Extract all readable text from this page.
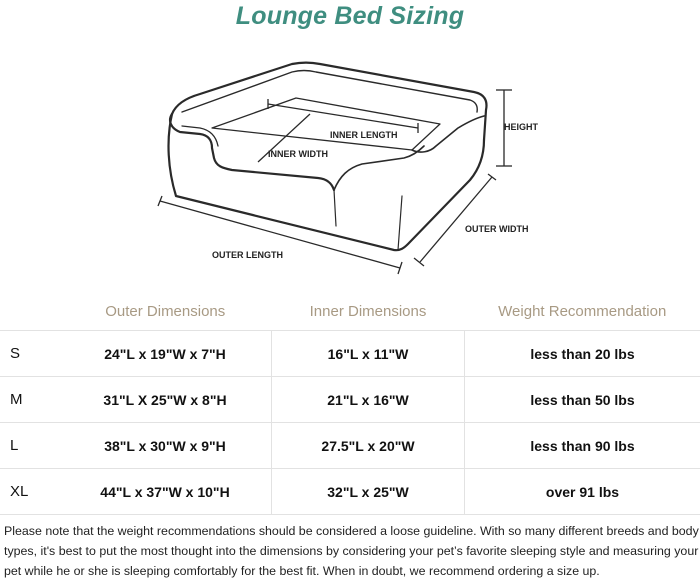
Lounge Bed Sizing
INNER LENGTH
INNER WIDTH
HEIGHT
OUTER WIDTH
OUTER LENGTH
	Outer Dimensions	Inner Dimensions	Weight Recommendation
S	24"L x 19"W x 7"H	16"L x 11"W	less than 20 lbs
M	31"L X 25"W x 8"H	21"L x 16"W	less than 50 lbs
L	38"L x 30"W x 9"H	27.5"L x 20"W	less than 90 lbs
XL	44"L x 37"W x 10"H	32"L x 25"W	over 91 lbs
Please note that the weight recommendations should be considered a loose guideline. With so many different breeds and body
types, it's best to put the most thought into the dimensions by considering your pet’s favorite sleeping style and measuring your
pet while he or she is sleeping comfortably for the best fit. When in doubt, we recommend ordering a size up.
